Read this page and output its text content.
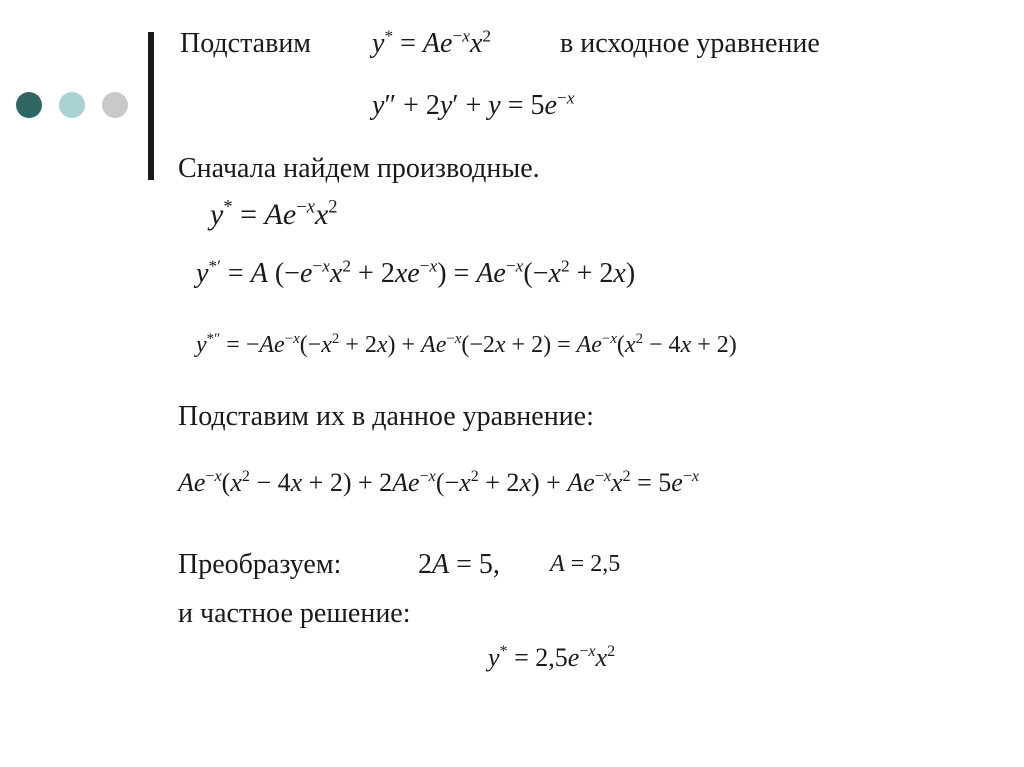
Подставим $y^* = Ae^{-x}x^2$ в исходное уравнение
$y'' + 2y' + y = 5e^{-x}$
Сначала найдем производные.
$y^* = Ae^{-x}x^2$
y*′ = A $(-e^{-x}x^2 + 2xe^{-x}) = Ae^{-x}(-x^2 + 2x)$
$y^{*''} = -Ae^{-x}(-x^2 + 2x) + Ae^{-x}(-2x + 2) = Ae^{-x}(x^2 - 4x + 2)$
Подставим их в данное уравнение:
$Ae^{-x}(x^2 - 4x + 2) + 2Ae^{-x}(-x^2 + 2x) + Ae^{-x}x^2 = 5e^{-x}$
Преобразуем:	2A = 5, A = 2,5
и частное решение:
$y^* = 2,5e^{-x}x^2$
